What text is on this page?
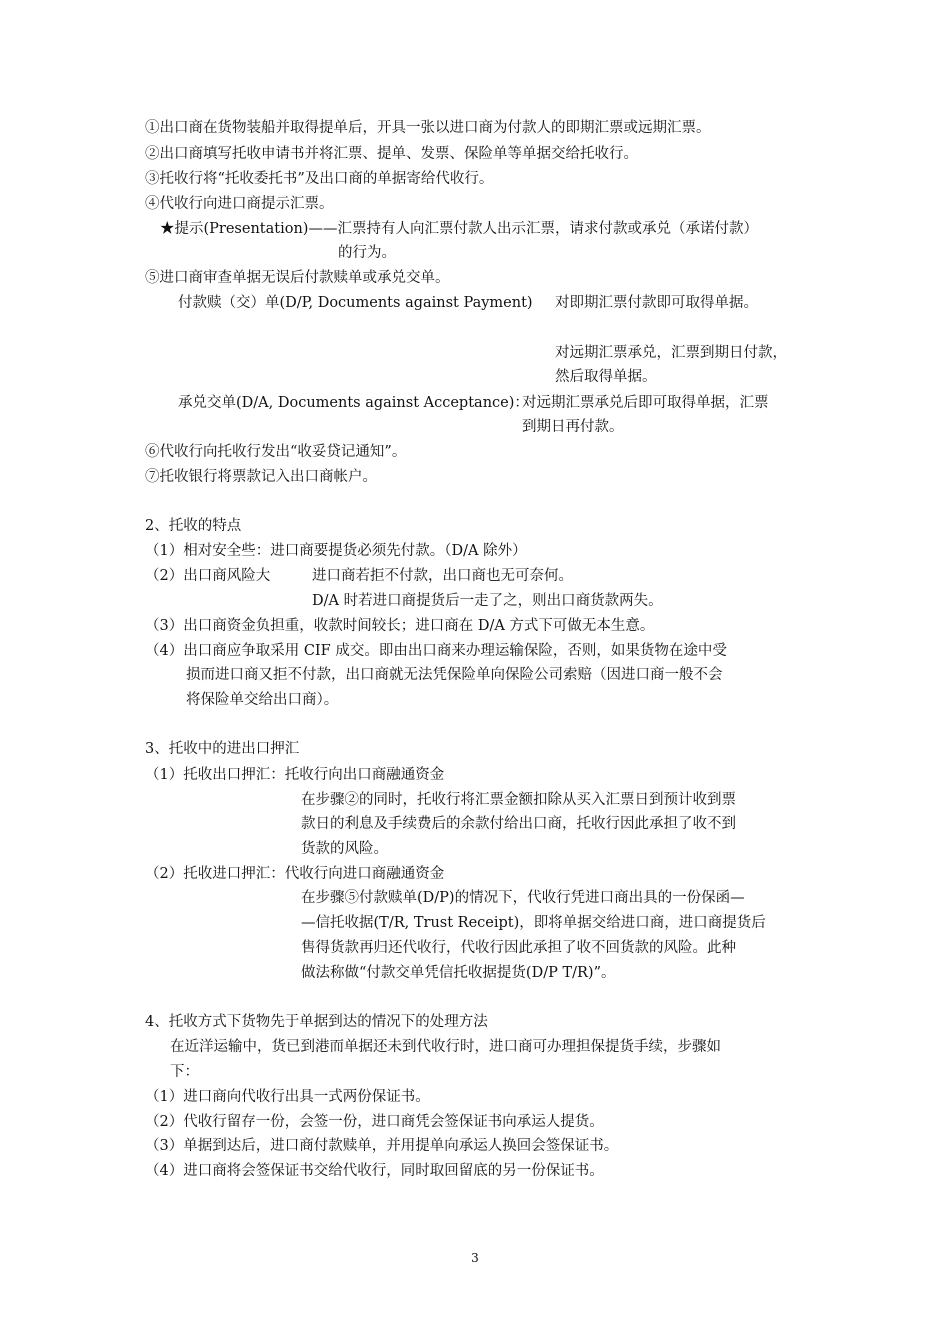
①出口商在货物装船并取得提单后，开具一张以进口商为付款人的即期汇票或远期汇票。
②出口商填写托收申请书并将汇票、提单、发票、保险单等单据交给托收行。
③托收行将“托收委托书”及出口商的单据寄给代收行。
④代收行向进口商提示汇票。
★提示(Presentation)——汇票持有人向汇票付款人出示汇票，请求付款或承兑（承诺付款）
的行为。
⑤进口商审查单据无误后付款赎单或承兑交单。
付款赎（交）单(D/P, Documents against Payment) 对即期汇票付款即可取得单据。
对远期汇票承兑，汇票到期日付款，
然后取得单据。
承兑交单(D/A, Documents against Acceptance)：
对远期汇票承兑后即可取得单据，汇票
到期日再付款。
⑥代收行向托收行发出“收妥贷记通知”。
⑦托收银行将票款记入出口商帐户。
2、托收的特点
（1）相对安全些：进口商要提货必须先付款。（D/A 除外）
（2）出口商风险大	进口商若拒不付款，出口商也无可奈何。
D/A 时若进口商提货后一走了之，则出口商货款两失。
（3）出口商资金负担重，收款时间较长；进口商在 D/A 方式下可做无本生意。
（4）出口商应争取采用 CIF 成交。即由出口商来办理运输保险，否则，如果货物在途中受
损而进口商又拒不付款，出口商就无法凭保险单向保险公司索赔（因进口商一般不会
将保险单交给出口商）。
3、托收中的进出口押汇
（1）托收出口押汇：托收行向出口商融通资金
在步骤②的同时，托收行将汇票金额扣除从买入汇票日到预计收到票
款日的利息及手续费后的余款付给出口商，托收行因此承担了收不到
货款的风险。
（2）托收进口押汇：代收行向进口商融通资金
在步骤⑤付款赎单(D/P)的情况下，代收行凭进口商出具的一份保函—
—信托收据(T/R, Trust Receipt)，即将单据交给进口商，进口商提货后
售得货款再归还代收行，代收行因此承担了收不回货款的风险。此种
做法称做“付款交单凭信托收据提货(D/P T/R)”。
4、托收方式下货物先于单据到达的情况下的处理方法
在近洋运输中，货已到港而单据还未到代收行时，进口商可办理担保提货手续，步骤如
下：
（1）进口商向代收行出具一式两份保证书。
（2）代收行留存一份，会签一份，进口商凭会签保证书向承运人提货。
（3）单据到达后，进口商付款赎单，并用提单向承运人换回会签保证书。
（4）进口商将会签保证书交给代收行，同时取回留底的另一份保证书。
3
